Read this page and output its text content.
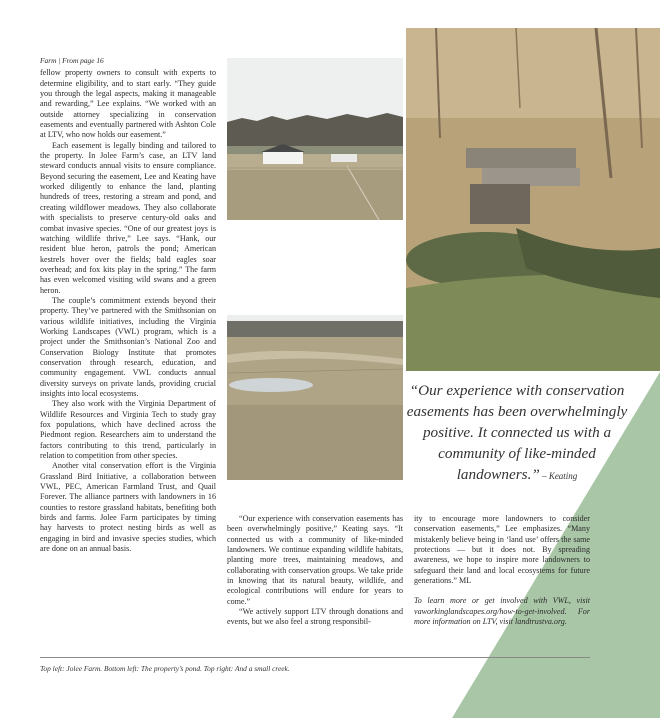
Farm | From page 16

fellow property owners to consult with experts to determine eligibility, and to start early. “They guide you through the legal aspects, making it manageable and rewarding,” Lee explains. “We worked with an outside attorney specializing in conservation easements and eventually partnered with Ashton Cole at LTV, who now holds our easement.”

Each easement is legally binding and tailored to the property. In Jolee Farm’s case, an LTV land steward conducts annual visits to ensure compliance. Beyond securing the easement, Lee and Keating have worked diligently to enhance the land, planting hundreds of trees, restoring a stream and pond, and creating wildflower meadows. They also collaborate with specialists to preserve century-old oaks and combat invasive species. “One of our greatest joys is watching wildlife thrive,” Lee says. “Hank, our resident blue heron, patrols the pond; American kestrels hover over the fields; bald eagles soar overhead; and fox kits play in the spring.” The farm has even welcomed visiting wild swans and a green heron.

The couple’s commitment extends beyond their property. They’ve partnered with the Smithsonian on various wildlife initiatives, including the Virginia Working Landscapes (VWL) program, which is a project under the Smithsonian’s National Zoo and Conservation Biology Institute that promotes conservation through research, education, and community engagement. VWL conducts annual diversity surveys on private lands, providing crucial insights into local ecosystems.

They also work with the Virginia Department of Wildlife Resources and Virginia Tech to study gray fox populations, which have declined across the Piedmont region. Researchers aim to understand the factors contributing to this trend, particularly in relation to competition from other species.

Another vital conservation effort is the Virginia Grassland Bird Initiative, a collaboration between VWL, PEC, American Farmland Trust, and Quail Forever. The alliance partners with landowners in 16 counties to restore grassland habitats, benefiting both birds and farms. Jolee Farm participates by timing hay harvests to protect nesting birds as well as engaging in bird and invasive species studies, which are done on an annual basis.

“Our experience with conservation easements has been overwhelmingly positive. It connected us with a community of like-minded landowners.” – Keating

“Our experience with conservation easements has been overwhelmingly positive,” Keating says. “It connected us with a community of like-minded landowners. We continue expanding wildlife habitats, planting more trees, maintaining meadows, and collaborating with conservation groups. We take pride in knowing that its natural beauty, wildlife, and ecological contributions will endure for years to come.”

“We actively support LTV through donations and events, but we also feel a strong responsibil-

ity to encourage more landowners to consider conservation easements,” Lee emphasizes. “Many mistakenly believe being in ‘land use’ offers the same protections — but it does not. By spreading awareness, we hope to inspire more landowners to safeguard their land and local ecosystems for future generations.” ML

To learn more or get involved with VWL, visit vaworkinglandscapes.org/how-to-get-involved. For more information on LTV, visit landtrustva.org.

Top left: Jolee Farm. Bottom left: The property’s pond. Top right: And a small creek.
